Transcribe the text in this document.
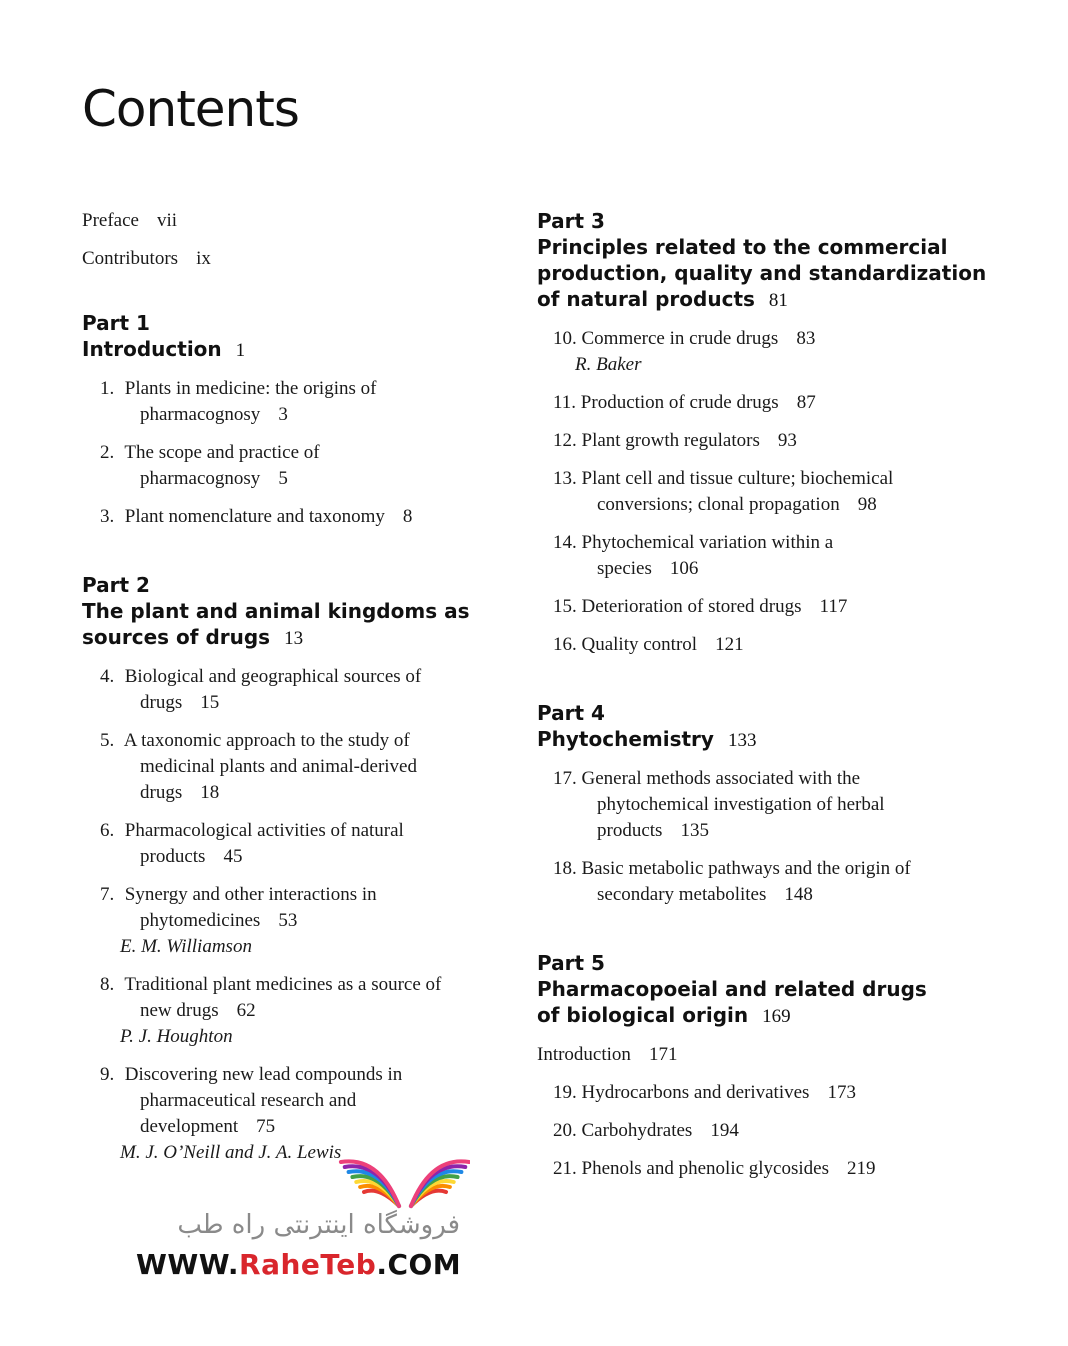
Contents
Preface vii
Contributors ix
Part 1
Introduction 1
1. Plants in medicine: the origins of
pharmacognosy 3
2. The scope and practice of
pharmacognosy 5
3. Plant nomenclature and taxonomy 8
Part 2
The plant and animal kingdoms as
sources of drugs 13
4. Biological and geographical sources of
drugs 15
5. A taxonomic approach to the study of
medicinal plants and animal-derived
drugs 18
6. Pharmacological activities of natural
products 45
7. Synergy and other interactions in
phytomedicines 53
E. M. Williamson
8. Traditional plant medicines as a source of
new drugs 62
P. J. Houghton
9. Discovering new lead compounds in
pharmaceutical research and
development 75
M. J. O’Neill and J. A. Lewis
Part 3
Principles related to the commercial
production, quality and standardization
of natural products 81
10. Commerce in crude drugs 83
R. Baker
11. Production of crude drugs 87
12. Plant growth regulators 93
13. Plant cell and tissue culture; biochemical
conversions; clonal propagation 98
14. Phytochemical variation within a
species 106
15. Deterioration of stored drugs 117
16. Quality control 121
Part 4
Phytochemistry 133
17. General methods associated with the
phytochemical investigation of herbal
products 135
18. Basic metabolic pathways and the origin of
secondary metabolites 148
Part 5
Pharmacopoeial and related drugs
of biological origin 169
Introduction 171
19. Hydrocarbons and derivatives 173
20. Carbohydrates 194
21. Phenols and phenolic glycosides 219
فروشگاه اینترنتی راه طب
WWW.RaheTeb.COM
